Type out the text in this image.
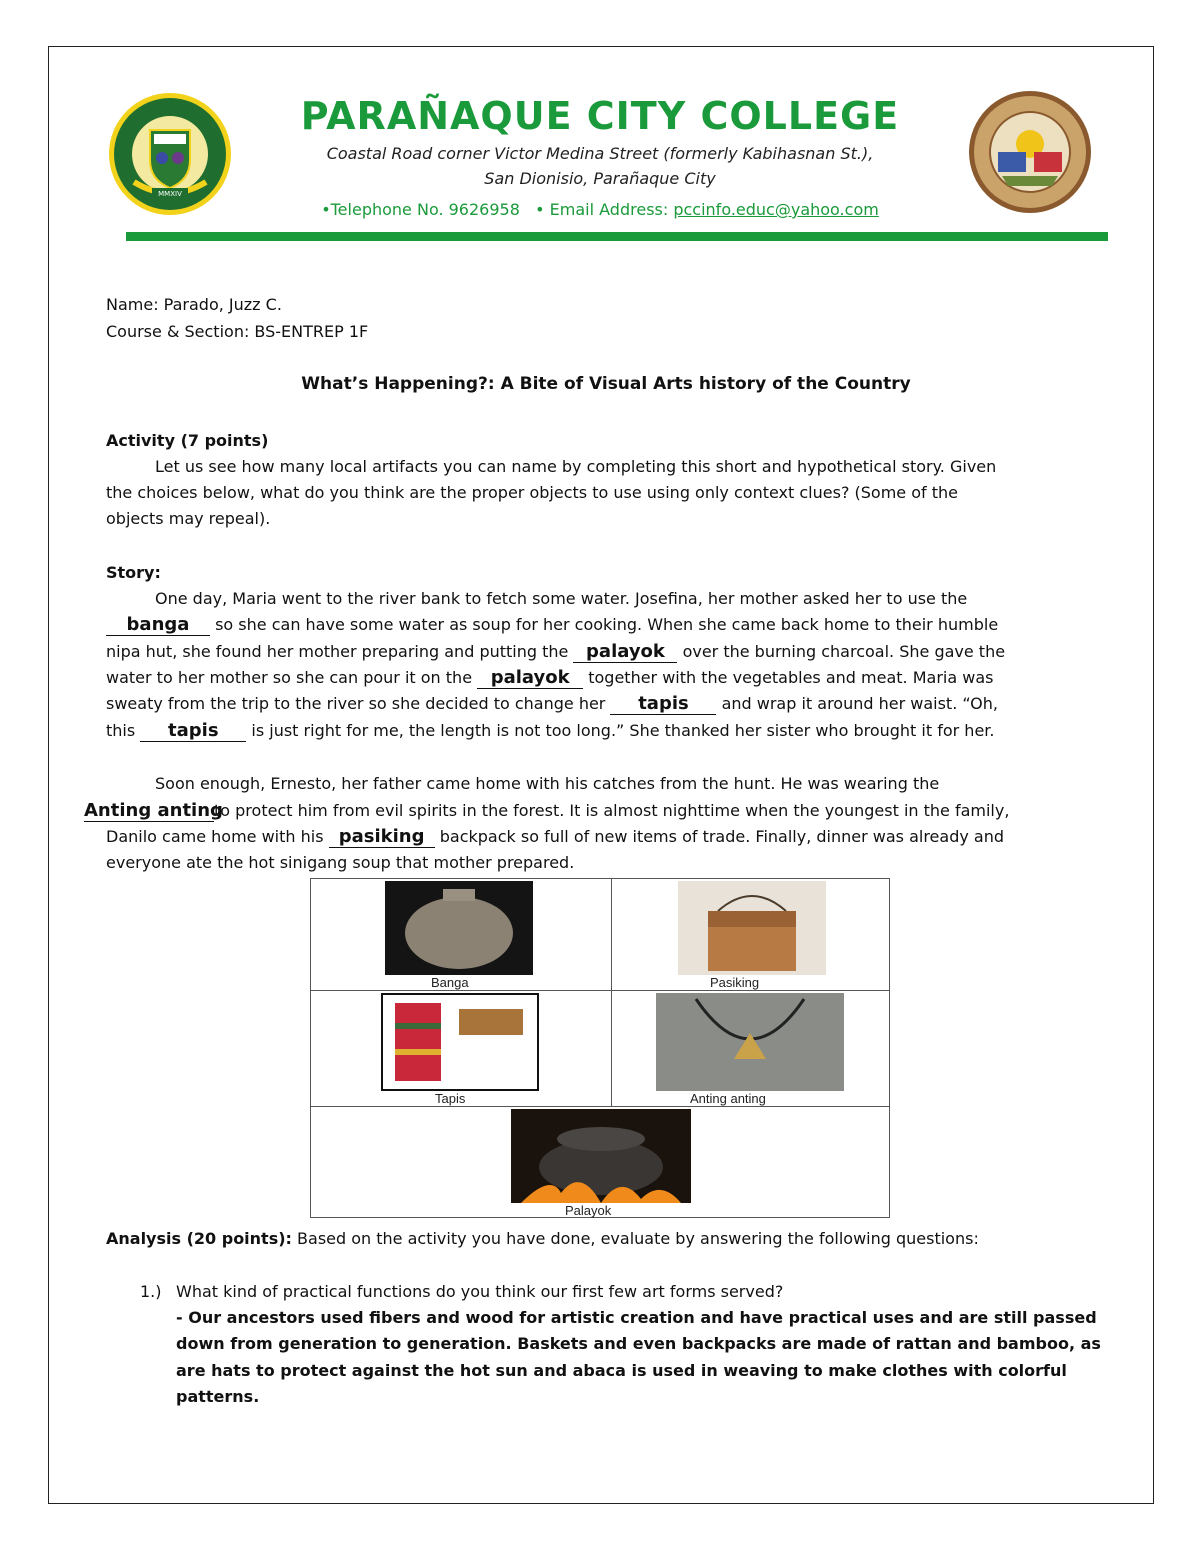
MMXIV
PARAÑAQUE CITY COLLEGE
Coastal Road corner Victor Medina Street (formerly Kabihasnan St.),
San Dionisio, Parañaque City
•Telephone No. 9626958 • Email Address: pccinfo.educ@yahoo.com
Name: Parado, Juzz C.
Course & Section: BS-ENTREP 1F
What’s Happening?: A Bite of Visual Arts history of the Country
Activity (7 points)
Let us see how many local artifacts you can name by completing this short and hypothetical story. Given
the choices below, what do you think are the proper objects to use using only context clues? (Some of the
objects may repeal).
Story:
One day, Maria went to the river bank to fetch some water. Josefina, her mother asked her to use the
banga so she can have some water as soup for her cooking. When she came back home to their humble
nipa hut, she found her mother preparing and putting the palayok over the burning charcoal. She gave the
water to her mother so she can pour it on the palayok together with the vegetables and meat. Maria was
sweaty from the trip to the river so she decided to change her tapis and wrap it around her waist. “Oh,
this tapis is just right for me, the length is not too long.” She thanked her sister who brought it for her.
Soon enough, Ernesto, her father came home with his catches from the hunt. He was wearing the
Anting antingto protect him from evil spirits in the forest. It is almost nighttime when the youngest in the family,
Danilo came home with his pasiking backpack so full of new items of trade. Finally, dinner was already and
everyone ate the hot sinigang soup that mother prepared.
Banga	Pasiking
Tapis	Anting anting
Palayok
Analysis (20 points): Based on the activity you have done, evaluate by answering the following questions:
1.) What kind of practical functions do you think our first few art forms served?
- Our ancestors used fibers and wood for artistic creation and have practical uses and are still passed
down from generation to generation. Baskets and even backpacks are made of rattan and bamboo, as
are hats to protect against the hot sun and abaca is used in weaving to make clothes with colorful
patterns.
